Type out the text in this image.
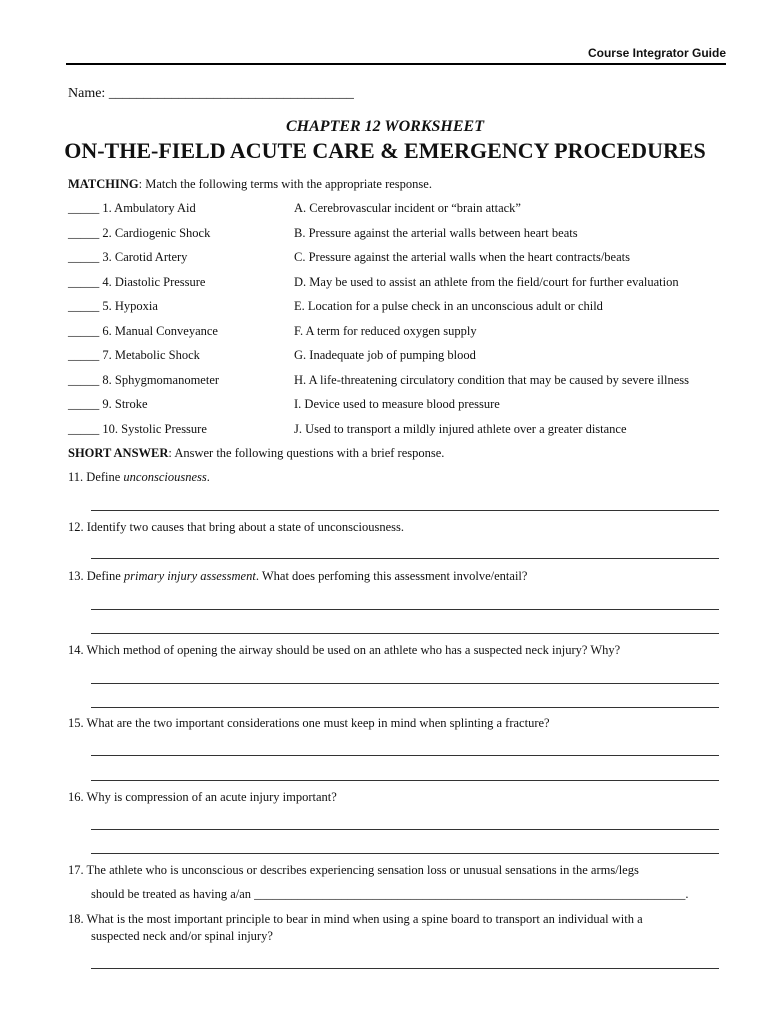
Course Integrator Guide
Name: ___________________________________
CHAPTER 12 WORKSHEET
ON-THE-FIELD ACUTE CARE & EMERGENCY PROCEDURES
MATCHING: Match the following terms with the appropriate response.
_____ 1. Ambulatory Aid	A. Cerebrovascular incident or “brain attack”
_____ 2. Cardiogenic Shock	B. Pressure against the arterial walls between heart beats
_____ 3. Carotid Artery	C. Pressure against the arterial walls when the heart contracts/beats
_____ 4. Diastolic Pressure	D. May be used to assist an athlete from the field/court for further evaluation
_____ 5. Hypoxia	E. Location for a pulse check in an unconscious adult or child
_____ 6. Manual Conveyance	F. A term for reduced oxygen supply
_____ 7. Metabolic Shock	G. Inadequate job of pumping blood
_____ 8. Sphygmomanometer	H. A life-threatening circulatory condition that may be caused by severe illness
_____ 9. Stroke	I. Device used to measure blood pressure
_____ 10. Systolic Pressure	J. Used to transport a mildly injured athlete over a greater distance
SHORT ANSWER: Answer the following questions with a brief response.
11. Define unconsciousness.
12. Identify two causes that bring about a state of unconsciousness.
13. Define primary injury assessment. What does perfoming this assessment involve/entail?
14. Which method of opening the airway should be used on an athlete who has a suspected neck injury? Why?
15. What are the two important considerations one must keep in mind when splinting a fracture?
16. Why is compression of an acute injury important?
17. The athlete who is unconscious or describes experiencing sensation loss or unusual sensations in the arms/legs
should be treated as having a/an _____________________________________________________________________.
18. What is the most important principle to bear in mind when using a spine board to transport an individual with a
suspected neck and/or spinal injury?
